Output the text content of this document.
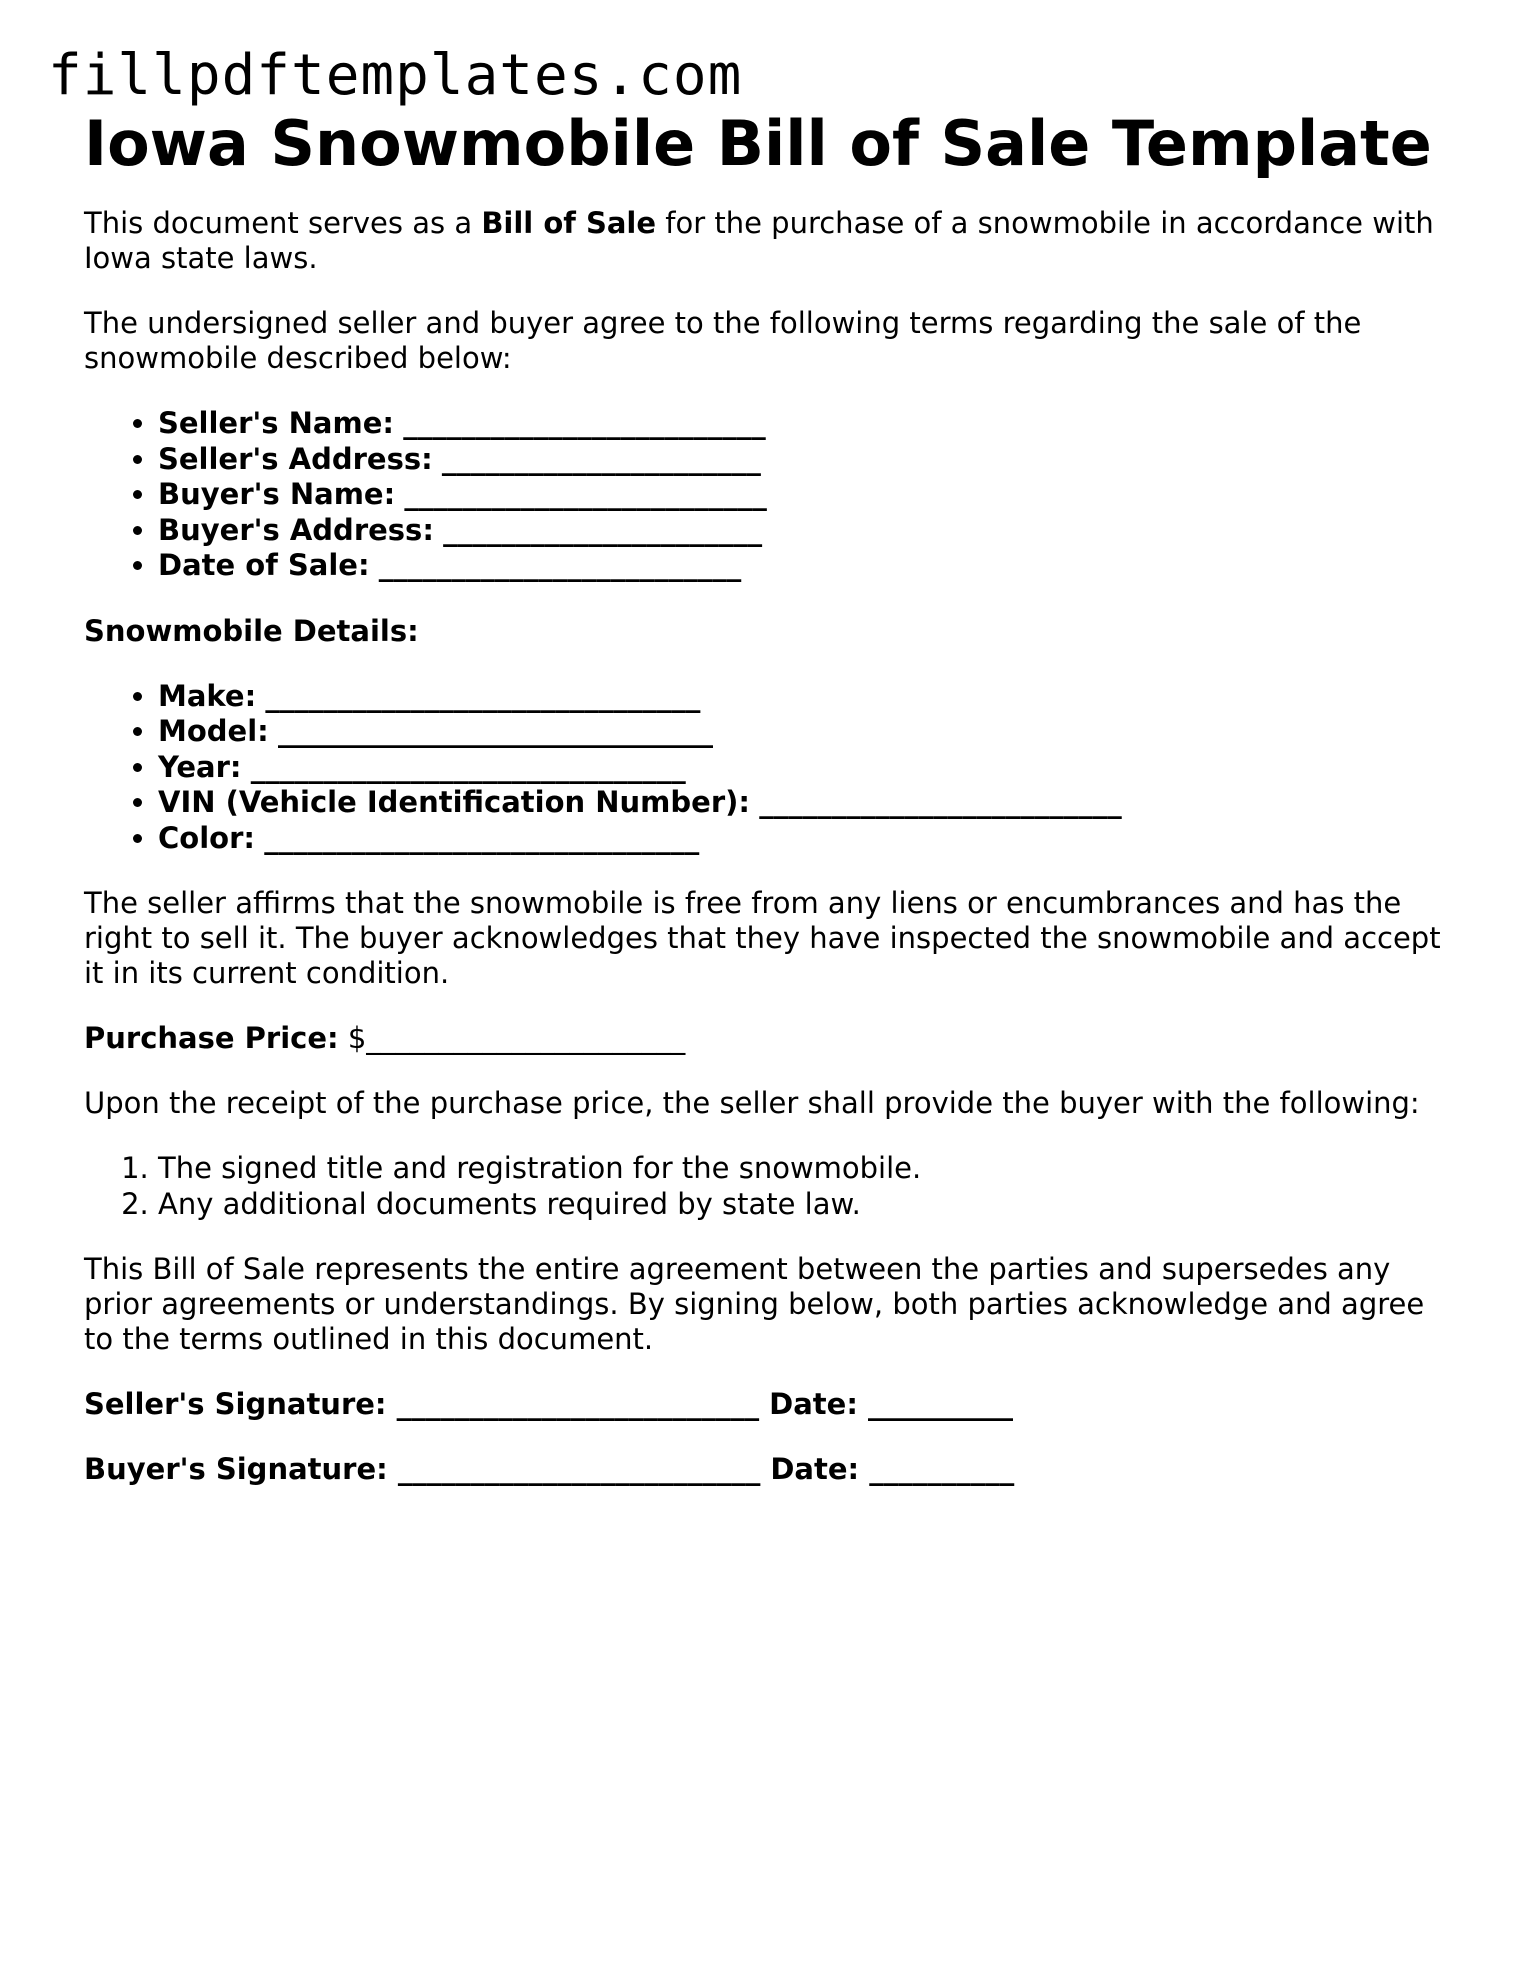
fillpdftemplates.com
Iowa Snowmobile Bill of Sale Template

This document serves as a Bill of Sale for the purchase of a snowmobile in accordance with Iowa state laws.

The undersigned seller and buyer agree to the following terms regarding the sale of the snowmobile described below:

• Seller's Name: _________________________
• Seller's Address: ______________________
• Buyer's Name: _________________________
• Buyer's Address: ______________________
• Date of Sale: _________________________
Snowmobile Details:
• Make: ______________________________
• Model: ______________________________
• Year: ______________________________
• VIN (Vehicle Identification Number): _________________________
• Color: ______________________________

The seller affirms that the snowmobile is free from any liens or encumbrances and has the right to sell it. The buyer acknowledges that they have inspected the snowmobile and accept it in its current condition.

Purchase Price: $______________________

Upon the receipt of the purchase price, the seller shall provide the buyer with the following:

1. The signed title and registration for the snowmobile.
2. Any additional documents required by state law.

This Bill of Sale represents the entire agreement between the parties and supersedes any prior agreements or understandings. By signing below, both parties acknowledge and agree to the terms outlined in this document.

Seller's Signature: _________________________ Date: __________
Buyer's Signature: _________________________ Date: __________
